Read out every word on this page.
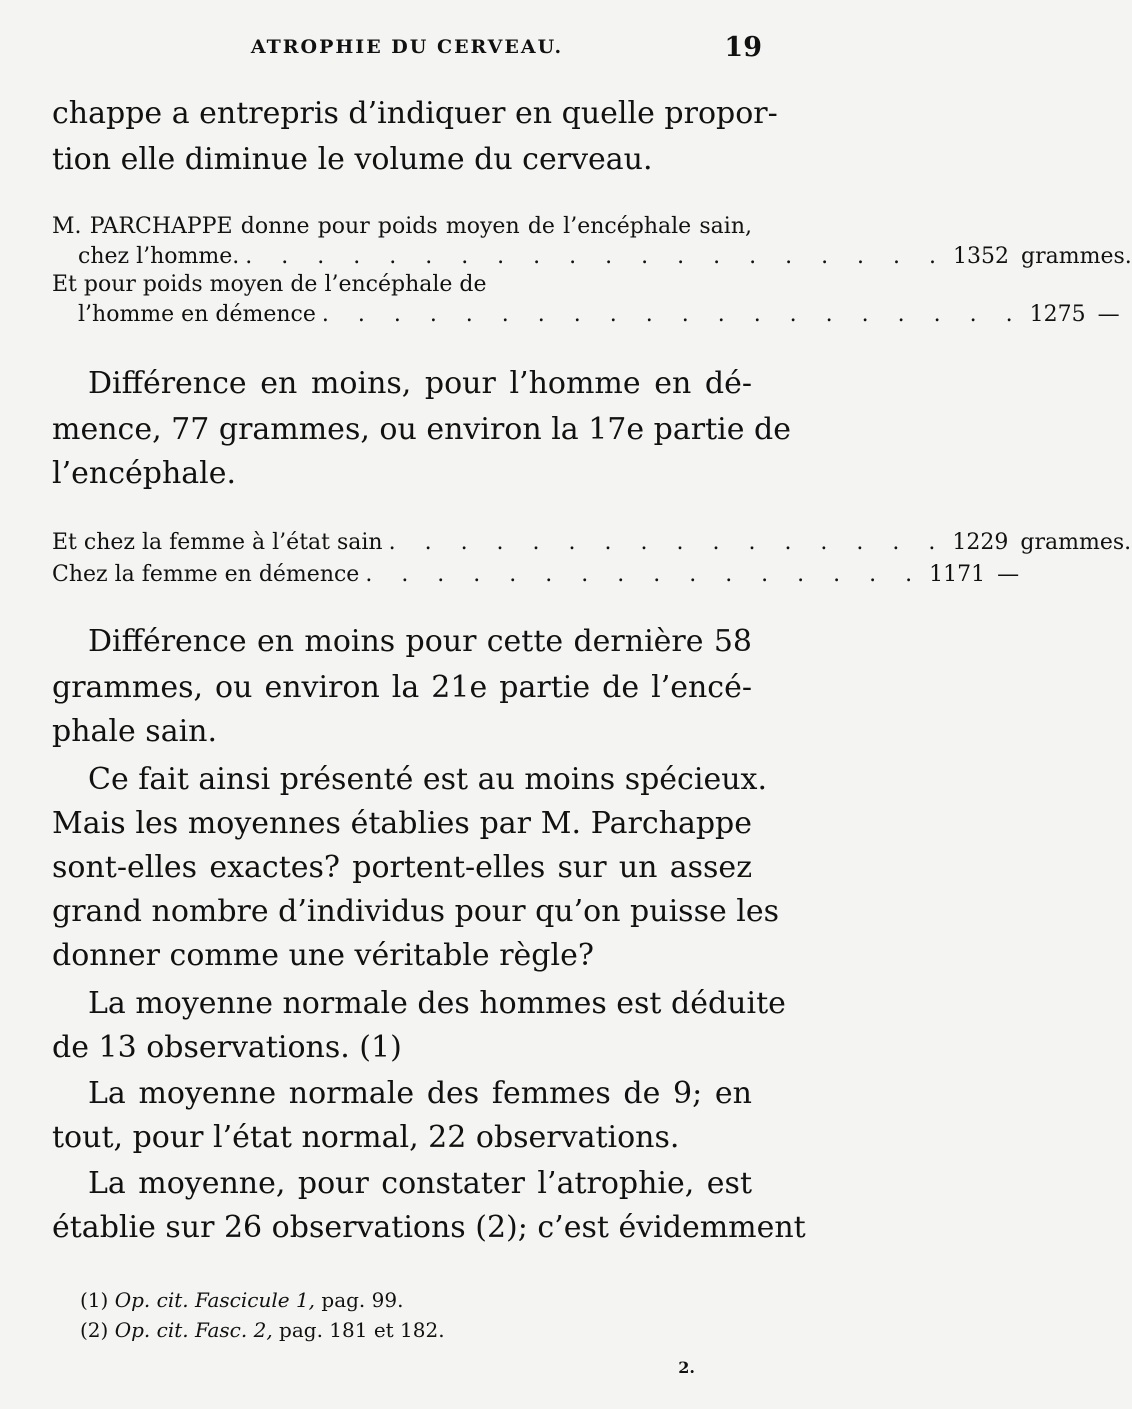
ATROPHIE DU CERVEAU.	19
chappe a entrepris d’indiquer en quelle propor-
tion elle diminue le volume du cerveau.
M. PARCHAPPE donne pour poids moyen de l’encéphale sain,
chez l’homme. . . . . . . . . . . . . . . . . . . . . 1352 grammes.
Et pour poids moyen de l’encéphale de
l’homme en démence . . . . . . . . . . . . . . . . . . . . 1275 —
Différence en moins, pour l’homme en dé-
mence, 77 grammes, ou environ la 17e partie de
l’encéphale.
Et chez la femme à l’état sain . . . . . . . . . . . . . . . . 1229 grammes.
Chez la femme en démence . . . . . . . . . . . . . . . . 1171 —
Différence en moins pour cette dernière 58
grammes, ou environ la 21e partie de l’encé-
phale sain.
Ce fait ainsi présenté est au moins spécieux.
Mais les moyennes établies par M. Parchappe
sont-elles exactes? portent-elles sur un assez
grand nombre d’individus pour qu’on puisse les
donner comme une véritable règle?
La moyenne normale des hommes est déduite
de 13 observations. (1)
La moyenne normale des femmes de 9; en
tout, pour l’état normal, 22 observations.
La moyenne, pour constater l’atrophie, est
établie sur 26 observations (2); c’est évidemment
(1) Op. cit. Fascicule 1, pag. 99.
(2) Op. cit. Fasc. 2, pag. 181 et 182.
2.
